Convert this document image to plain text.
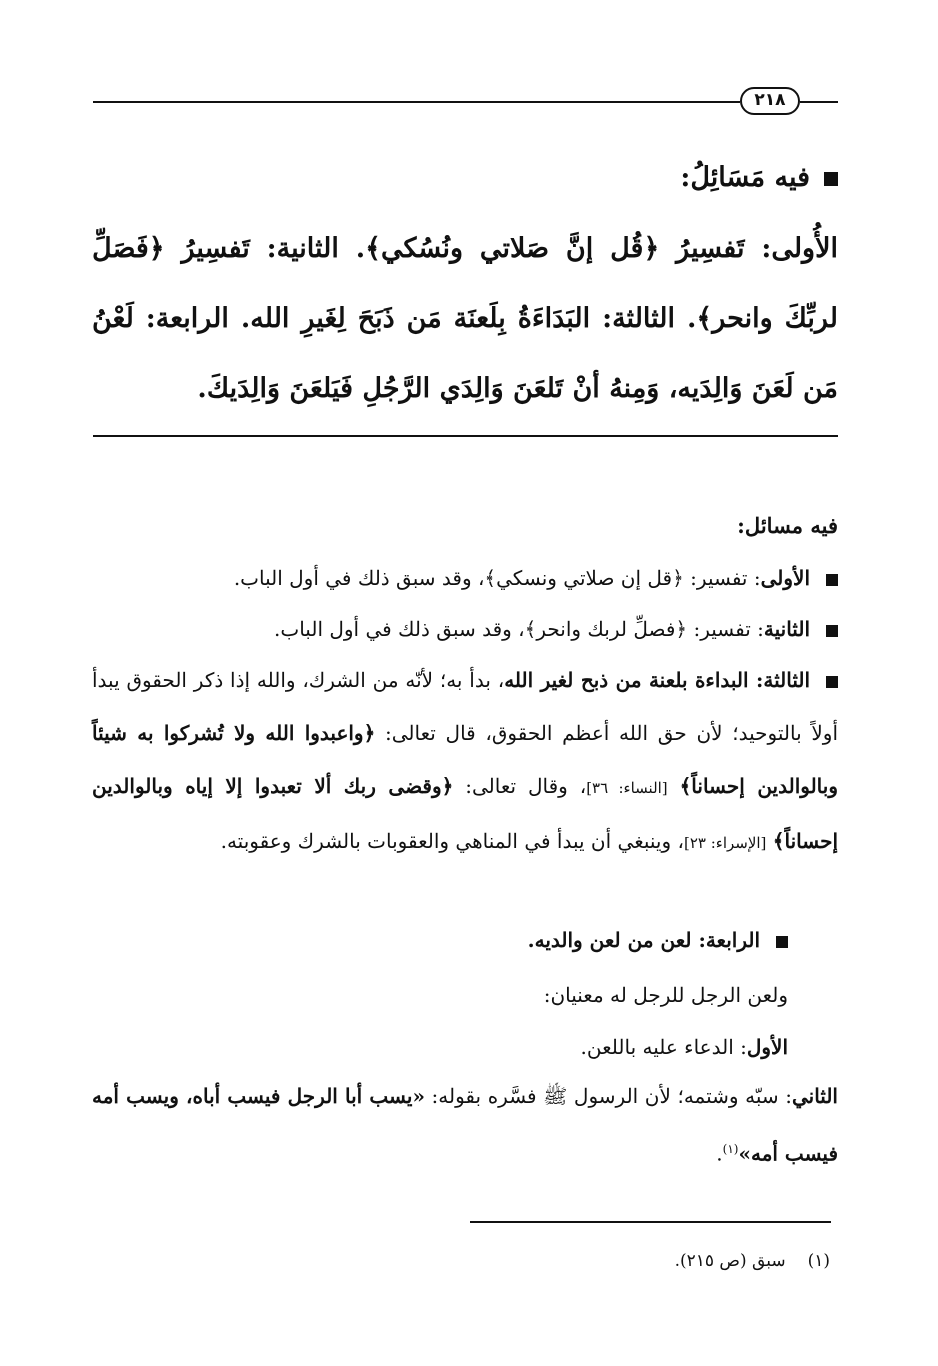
٢١٨
فيه مَسَائِلُ:
الأُولى: تَفسِيرُ ﴿قُل إنَّ صَلاتي ونُسُكي﴾. الثانية: تَفسِيرُ ﴿فَصَلِّ لربِّكَ وانحر﴾. الثالثة: البَدَاءَةُ بِلَعنَة مَن ذَبَحَ لِغَيرِ الله. الرابعة: لَعْنُ مَن لَعَنَ وَالِدَيه، وَمِنهُ أنْ تَلعَنَ وَالِدَي الرَّجُلِ فَيَلعَنَ وَالِدَيكَ.
فيه مسائل:
الأولى: تفسير: ﴿قل إن صلاتي ونسكي﴾، وقد سبق ذلك في أول الباب.
الثانية: تفسير: ﴿فصلِّ لربك وانحر﴾، وقد سبق ذلك في أول الباب.
الثالثة: البداءة بلعنة من ذبح لغير الله، بدأ به؛ لأنّه من الشرك، والله إذا ذكر الحقوق يبدأ أولاً بالتوحيد؛ لأن حق الله أعظم الحقوق، قال تعالى: ﴿واعبدوا الله ولا تُشركوا به شيئاً وبالوالدين إحساناً﴾ [النساء: ٣٦]، وقال تعالى: ﴿وقضى ربك ألا تعبدوا إلا إياه وبالوالدين إحساناً﴾ [الإسراء: ٢٣]، وينبغي أن يبدأ في المناهي والعقوبات بالشرك وعقوبته.
الرابعة: لعن من لعن والديه.
ولعن الرجل للرجل له معنيان:
الأول: الدعاء عليه باللعن.
الثاني: سبّه وشتمه؛ لأن الرسول ﷺ فسَّره بقوله: «يسب أبا الرجل فيسب أباه، ويسب أمه فيسب أمه»$^{(١)}$.
(١)سبق (ص ٢١٥).
